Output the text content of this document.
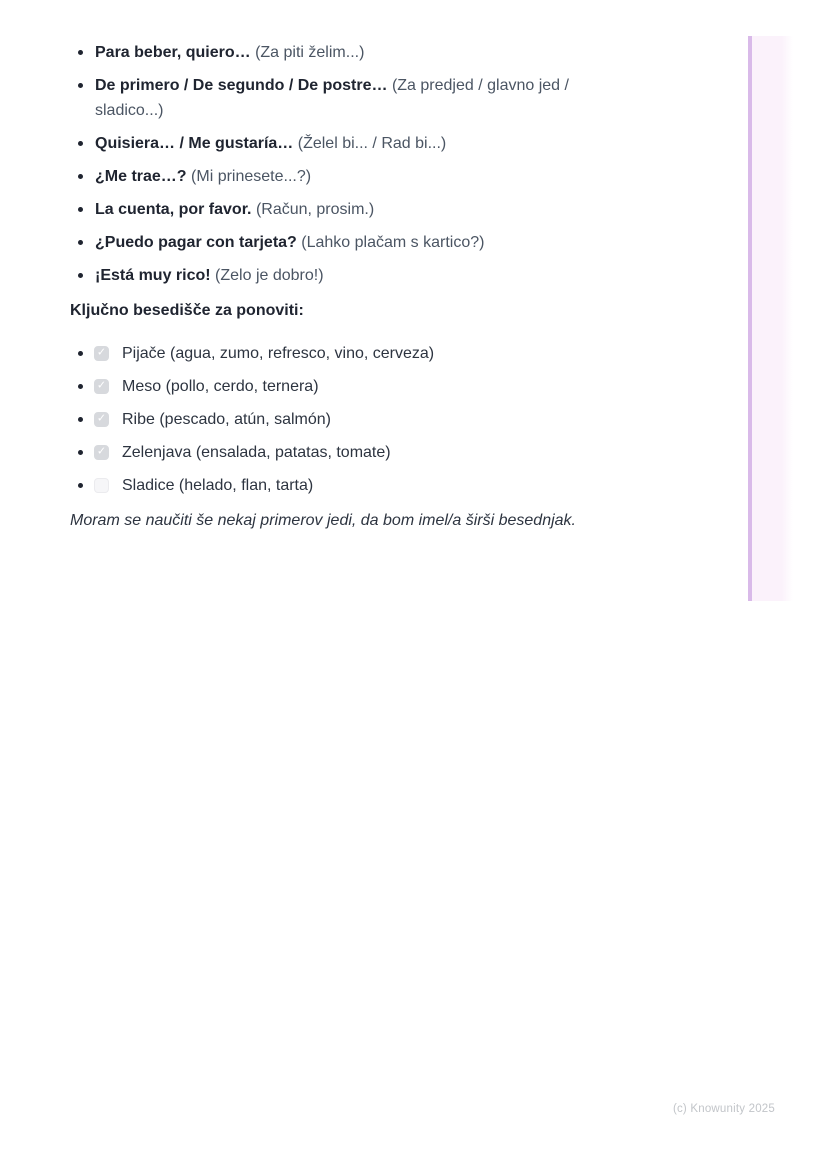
Para beber, quiero… (Za piti želim...)
De primero / De segundo / De postre… (Za predjed / glavno jed / sladico...)
Quisiera… / Me gustaría… (Želel bi... / Rad bi...)
¿Me trae…? (Mi prinesete...?)
La cuenta, por favor. (Račun, prosim.)
¿Puedo pagar con tarjeta? (Lahko plačam s kartico?)
¡Está muy rico! (Zelo je dobro!)
Ključno besedišče za ponoviti:
✓
Pijače (agua, zumo, refresco, vino, cerveza)
✓
Meso (pollo, cerdo, ternera)
✓
Ribe (pescado, atún, salmón)
✓
Zelenjava (ensalada, patatas, tomate)
Sladice (helado, flan, tarta)

Moram se naučiti še nekaj primerov jedi, da bom imel/a širši besednjak.

(c) Knowunity 2025
